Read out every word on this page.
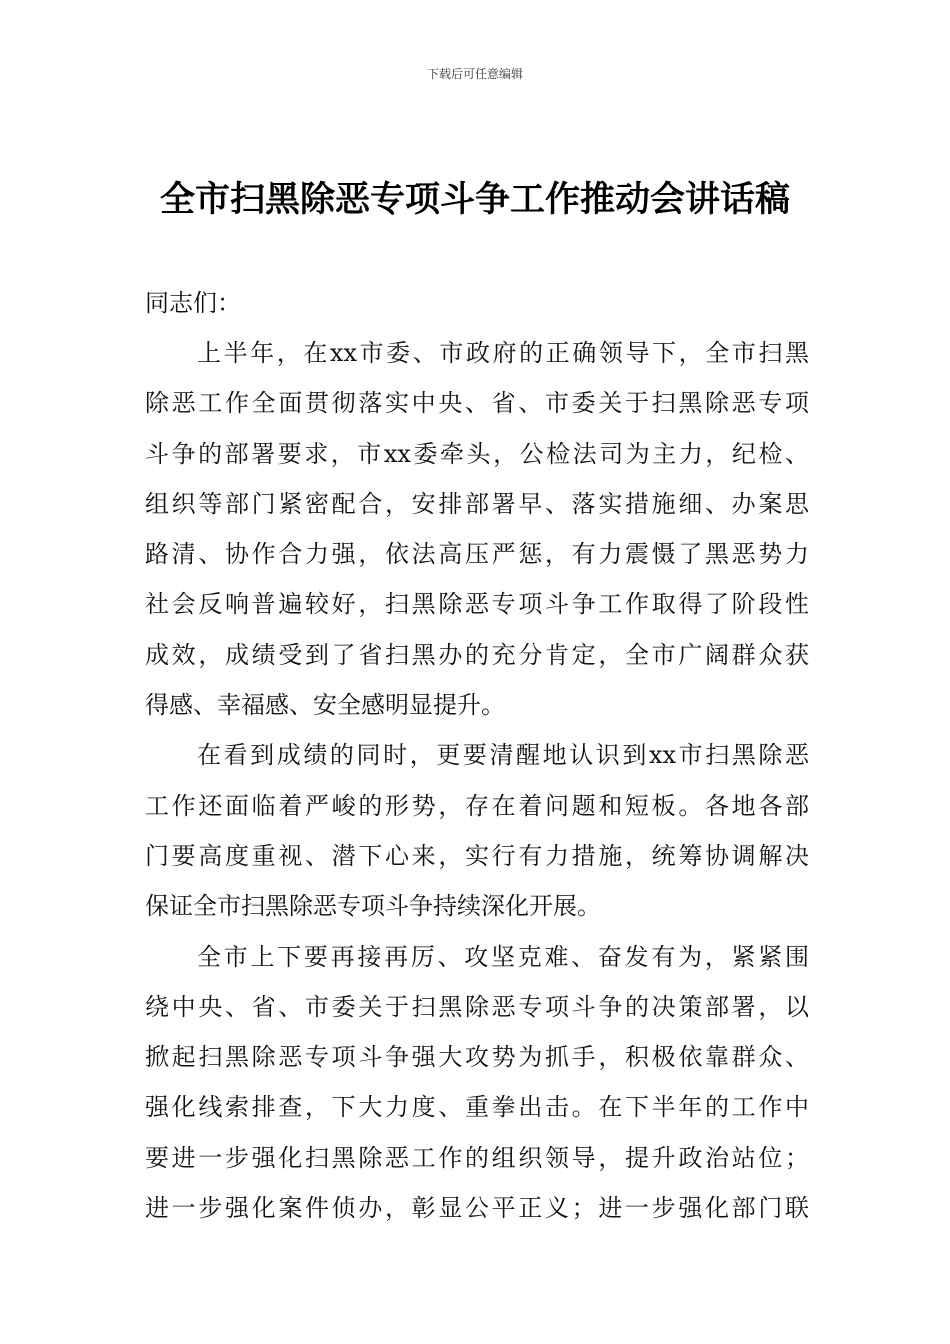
下载后可任意编辑
全市扫黑除恶专项斗争工作推动会讲话稿

同志们：

上半年，在xx市委、市政府的正确领导下，全市扫黑
除恶工作全面贯彻落实中央、省、市委关于扫黑除恶专项
斗争的部署要求，市xx委牵头，公检法司为主力，纪检、
组织等部门紧密配合，安排部署早、落实措施细、办案思
路清、协作合力强，依法高压严惩，有力震慑了黑恶势力
社会反响普遍较好，扫黑除恶专项斗争工作取得了阶段性
成效，成绩受到了省扫黑办的充分肯定，全市广阔群众获
得感、幸福感、安全感明显提升。
在看到成绩的同时，更要清醒地认识到xx市扫黑除恶
工作还面临着严峻的形势，存在着问题和短板。各地各部
门要高度重视、潜下心来，实行有力措施，统筹协调解决
保证全市扫黑除恶专项斗争持续深化开展。
全市上下要再接再厉、攻坚克难、奋发有为，紧紧围
绕中央、省、市委关于扫黑除恶专项斗争的决策部署，以
掀起扫黑除恶专项斗争强大攻势为抓手，积极依靠群众、
强化线索排查，下大力度、重拳出击。在下半年的工作中
要进一步强化扫黑除恶工作的组织领导，提升政治站位；
进一步强化案件侦办，彰显公平正义；进一步强化部门联
